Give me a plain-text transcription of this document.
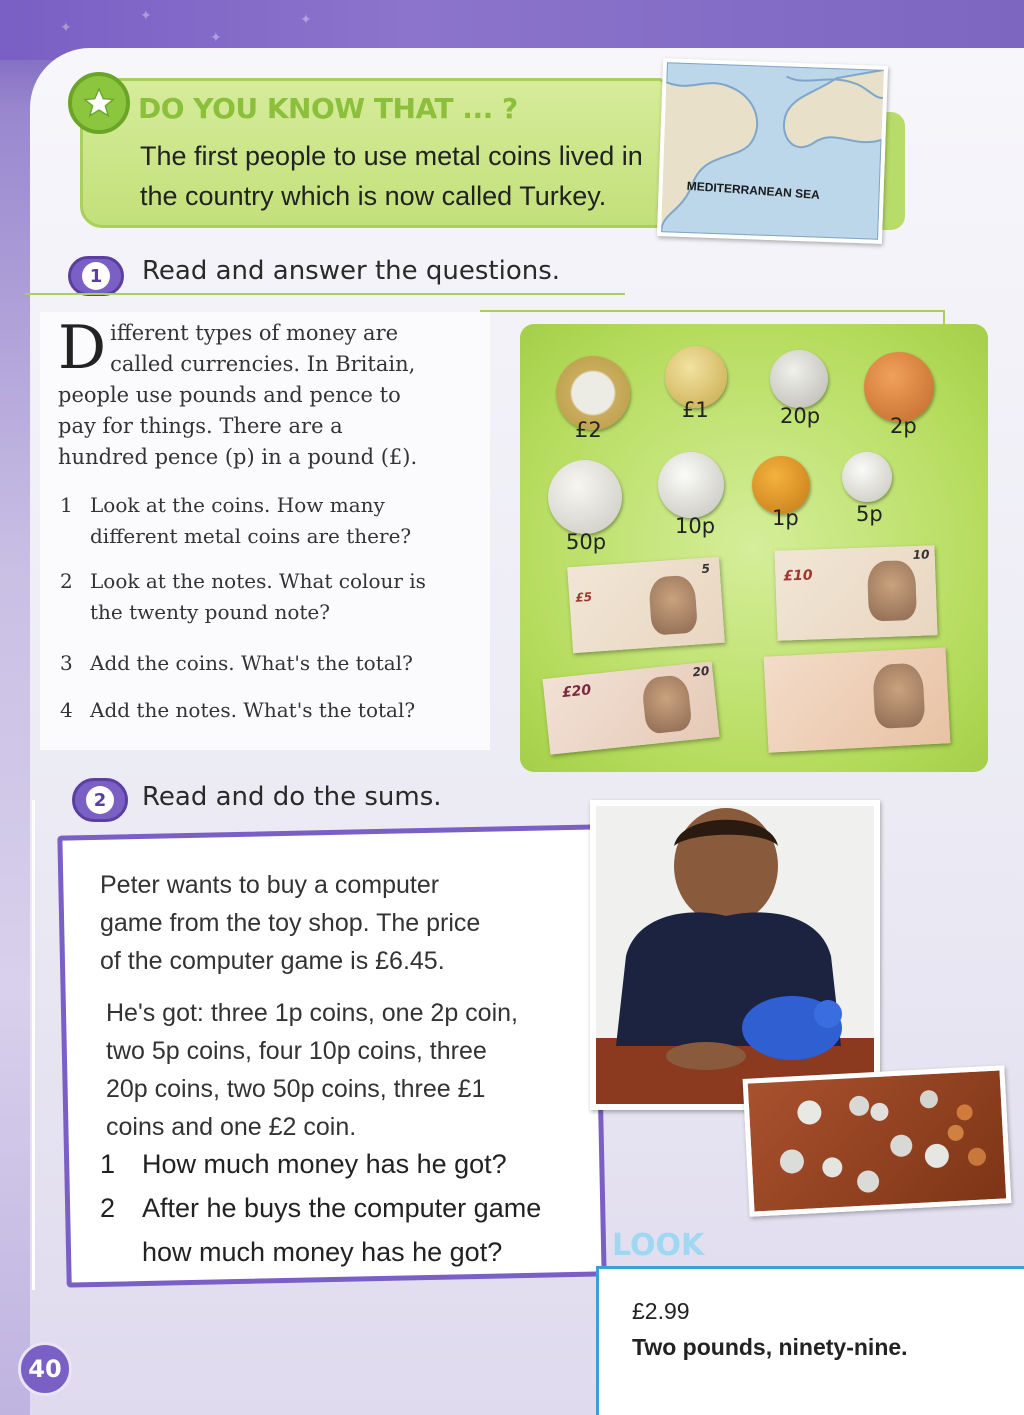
✦
✦
✦
✦
DO YOU KNOW THAT ... ?
The first people to use metal coins lived in the country which is now called Turkey.	MEDITERRANEAN SEA
1 Read and answer the questions.
Different types of money are called currencies. In Britain, people use pounds and pence to pay for things. There are a hundred pence (p) in a pound (£).
1 Look at the coins. How many
different metal coins are there?
2 Look at the notes. What colour is
the twenty pound note?
3 Add the coins. What's the total?
4 Add the notes. What's the total?
£2
£1	20p	2p
50p
10p	1p	5p
£5
5	£10
10
£20
20
2 Read and do the sums.
Peter wants to buy a computer
game from the toy shop. The price
of the computer game is £6.45.
He's got: three 1p coins, one 2p coin,
two 5p coins, four 10p coins, three
20p coins, two 50p coins, three £1
coins and one £2 coin.
1 How much money has he got?
2 After he buys the computer game
how much money has he got?	LOOK
£2.99
Two pounds, ninety-nine.
40
